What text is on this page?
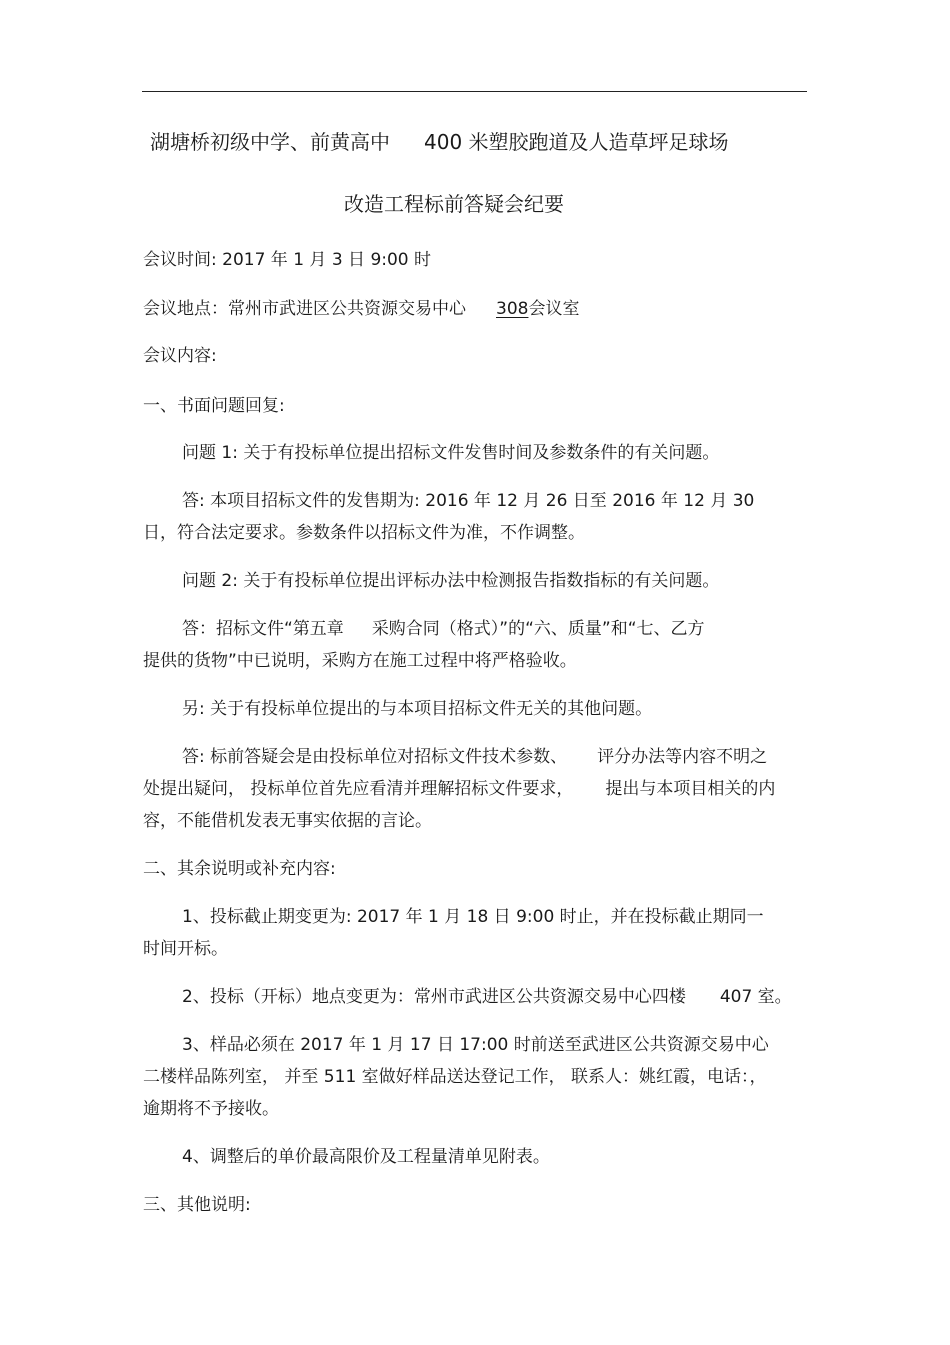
湖塘桥初级中学、前黄高中 400 米塑胶跑道及人造草坪足球场
改造工程标前答疑会纪要
会议时间: 2017 年 1 月 3 日 9:00 时
会议地点：常州市武进区公共资源交易中心 308会议室
会议内容:
一、书面问题回复:
问题 1: 关于有投标单位提出招标文件发售时间及参数条件的有关问题。
答: 本项目招标文件的发售期为: 2016 年 12 月 26 日至 2016 年 12 月 30
日，符合法定要求。参数条件以招标文件为准，不作调整。
问题 2: 关于有投标单位提出评标办法中检测报告指数指标的有关问题。
答：招标文件“第五章 采购合同（格式）”的“六、质量”和“七、乙方
提供的货物”中已说明，采购方在施工过程中将严格验收。
另: 关于有投标单位提出的与本项目招标文件无关的其他问题。
答: 标前答疑会是由投标单位对招标文件技术参数、 评分办法等内容不明之
处提出疑问， 投标单位首先应看清并理解招标文件要求， 提出与本项目相关的内
容，不能借机发表无事实依据的言论。
二、其余说明或补充内容:
1、投标截止期变更为: 2017 年 1 月 18 日 9:00 时止，并在投标截止期同一
时间开标。
2、投标（开标）地点变更为：常州市武进区公共资源交易中心四楼 407 室。
3、样品必须在 2017 年 1 月 17 日 17:00 时前送至武进区公共资源交易中心
二楼样品陈列室， 并至 511 室做好样品送达登记工作， 联系人：姚红霞，电话：，
逾期将不予接收。
4、调整后的单价最高限价及工程量清单见附表。
三、其他说明:
